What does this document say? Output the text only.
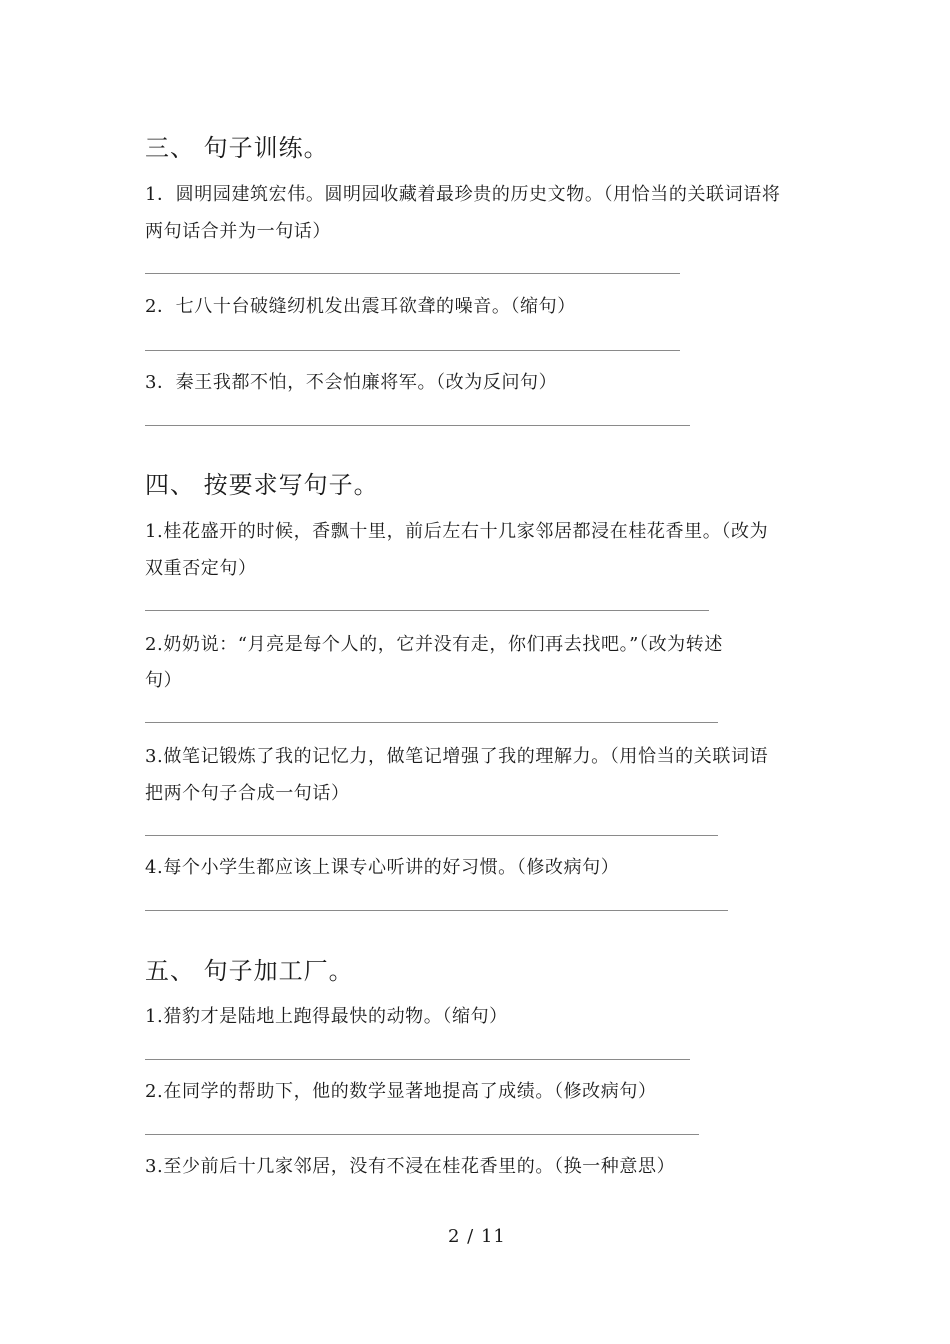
三、 句子训练。
1．圆明园建筑宏伟。圆明园收藏着最珍贵的历史文物。（用恰当的关联词语将
两句话合并为一句话）
2．七八十台破缝纫机发出震耳欲聋的噪音。（缩句）
3．秦王我都不怕，不会怕廉将军。（改为反问句）
四、 按要求写句子。
1.桂花盛开的时候，香飘十里，前后左右十几家邻居都浸在桂花香里。（改为
双重否定句）
2.奶奶说：“月亮是每个人的，它并没有走，你们再去找吧。”（改为转述
句）
3.做笔记锻炼了我的记忆力，做笔记增强了我的理解力。（用恰当的关联词语
把两个句子合成一句话）
4.每个小学生都应该上课专心听讲的好习惯。（修改病句）
五、 句子加工厂。
1.猎豹才是陆地上跑得最快的动物。（缩句）
2.在同学的帮助下，他的数学显著地提高了成绩。（修改病句）
3.至少前后十几家邻居，没有不浸在桂花香里的。（换一种意思）
2 / 11
